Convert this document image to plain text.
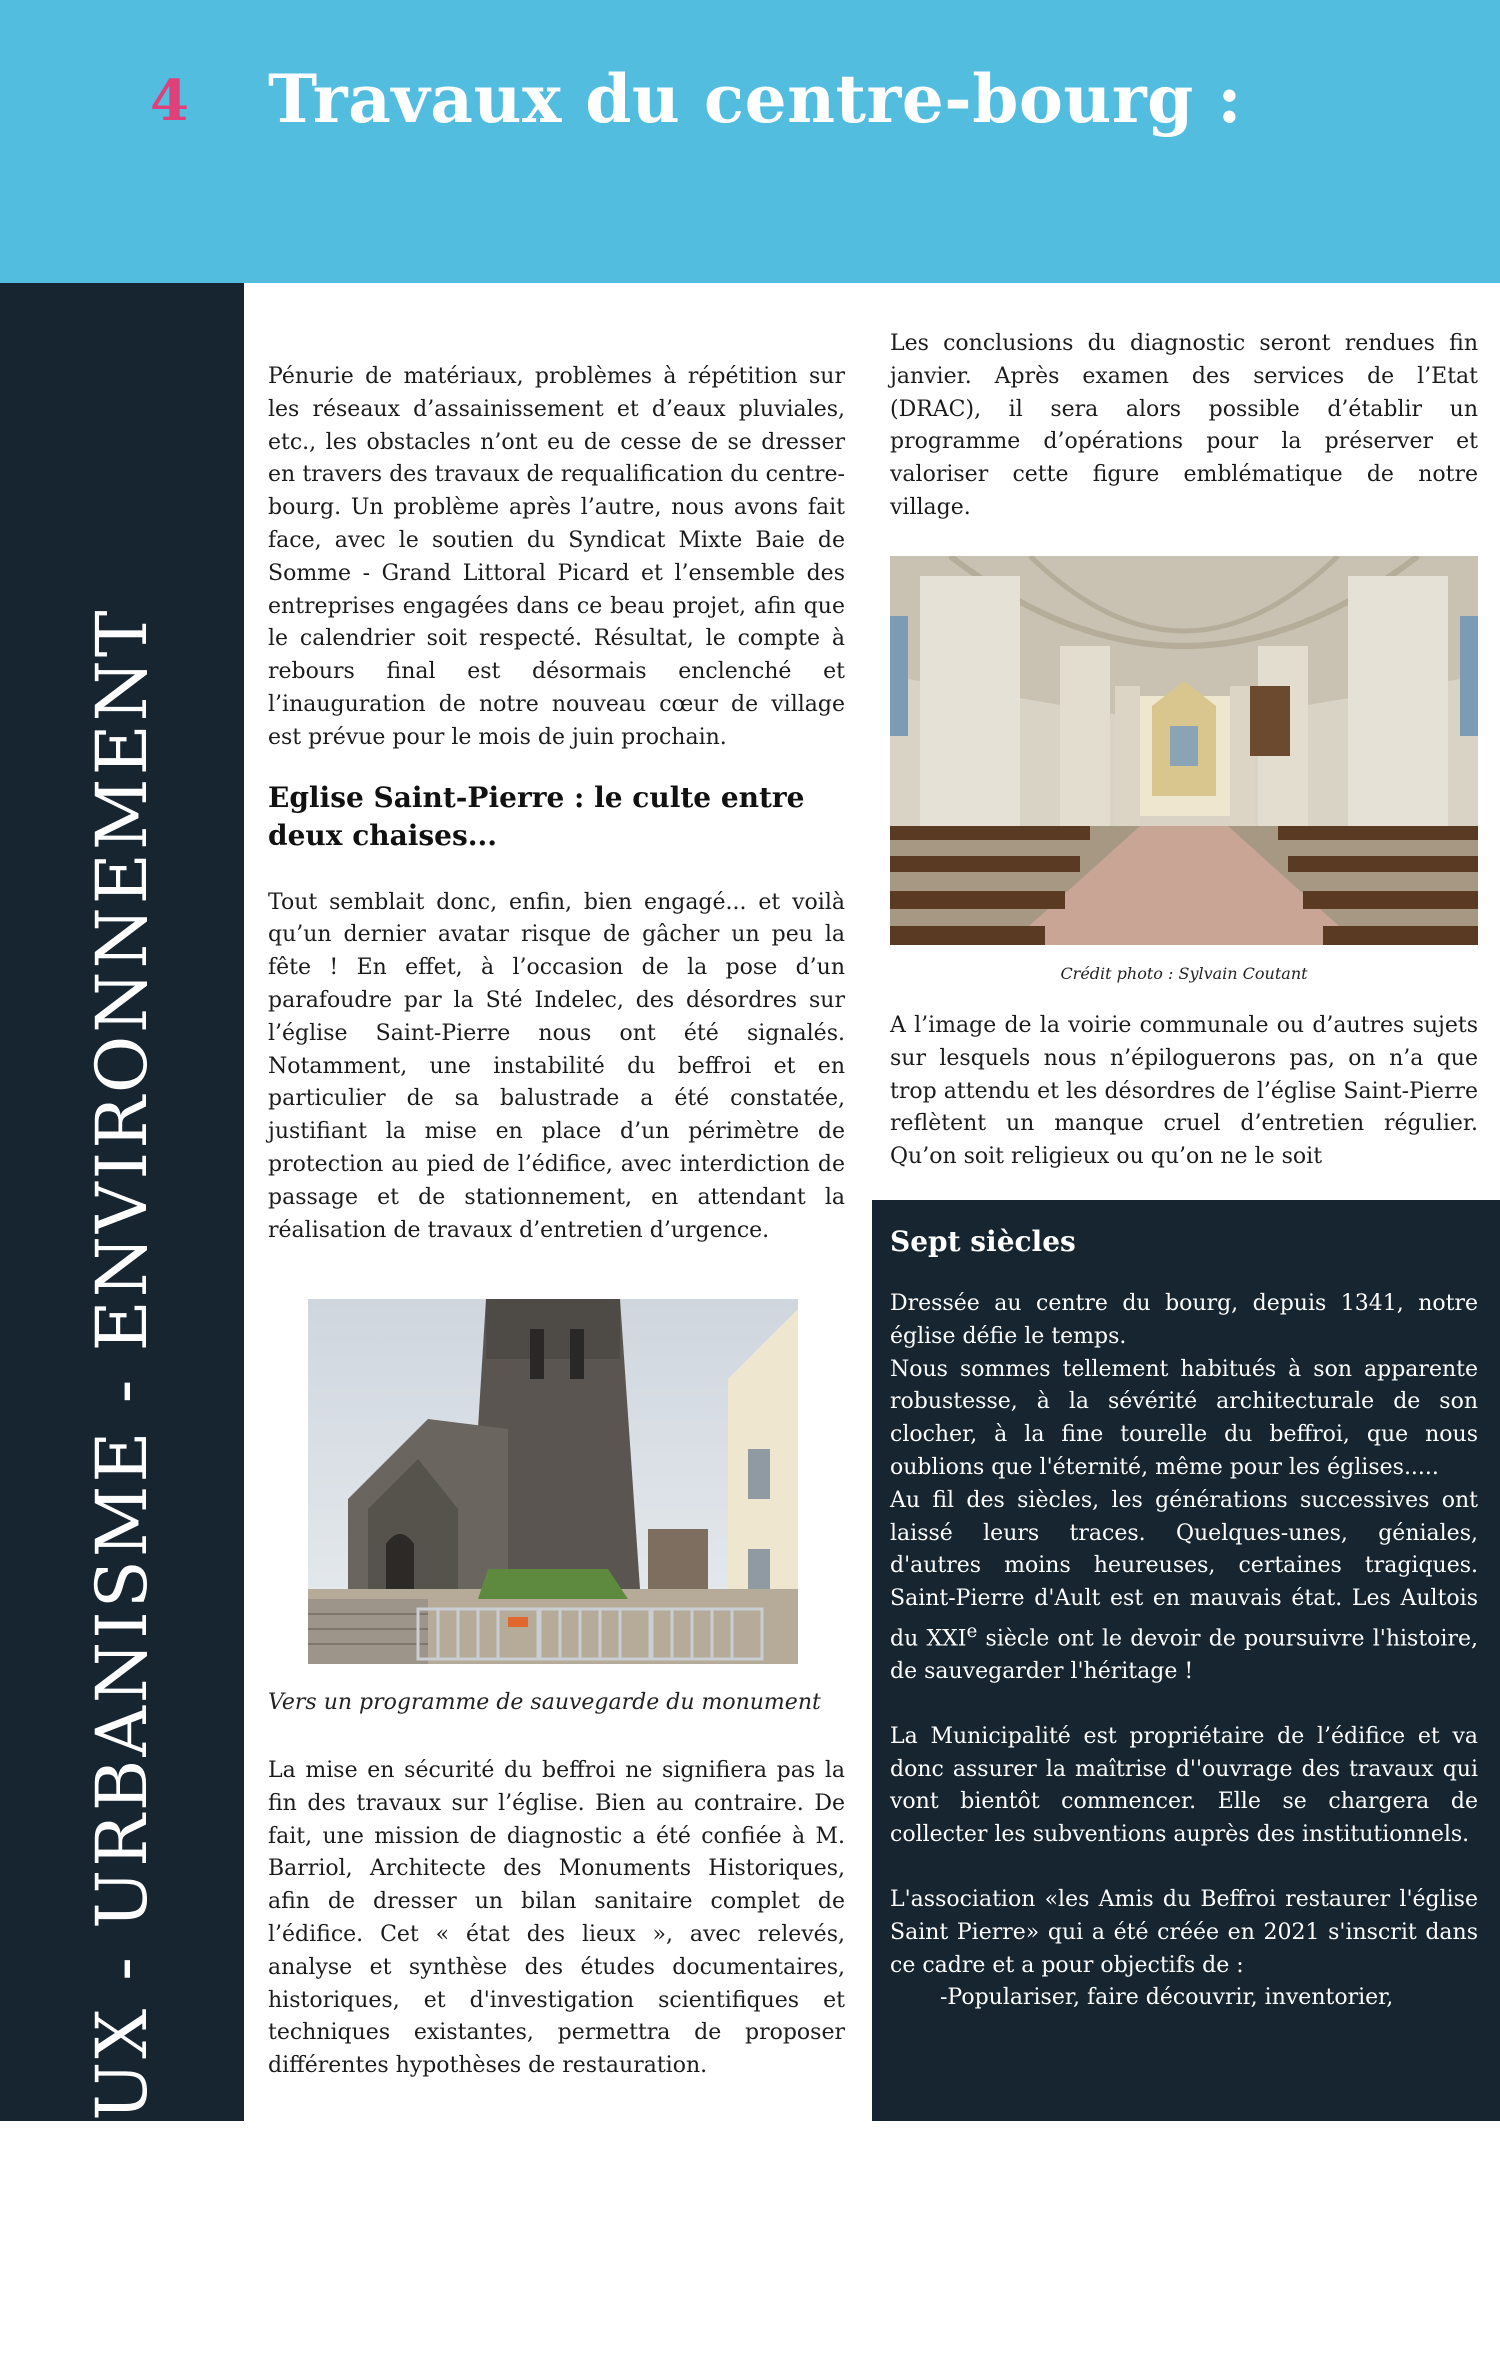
4 Travaux du centre-bourg :
TRAVAUX - URBANISME - ENVIRONNEMENT

Pénurie de matériaux, problèmes à répétition sur les réseaux d’assainissement et d’eaux pluviales, etc., les obstacles n’ont eu de cesse de se dresser en travers des travaux de requalification du centre-bourg. Un problème après l’autre, nous avons fait face, avec le soutien du Syndicat Mixte Baie de Somme - Grand Littoral Picard et l’ensemble des entreprises engagées dans ce beau projet, afin que le calendrier soit respecté. Résultat, le compte à rebours final est désormais enclenché et l’inauguration de notre nouveau cœur de village est prévue pour le mois de juin prochain.

Eglise Saint-Pierre : le culte entre deux chaises...

Tout semblait donc, enfin, bien engagé... et voilà qu’un dernier avatar risque de gâcher un peu la fête ! En effet, à l’occasion de la pose d’un parafoudre par la Sté Indelec, des désordres sur l’église Saint-Pierre nous ont été signalés. Notamment, une instabilité du beffroi et en particulier de sa balustrade a été constatée, justifiant la mise en place d’un périmètre de protection au pied de l’édifice, avec interdiction de passage et de stationnement, en attendant la réalisation de travaux d’entretien d’urgence.

Vers un programme de sauvegarde du monument

La mise en sécurité du beffroi ne signifiera pas la fin des travaux sur l’église. Bien au contraire. De fait, une mission de diagnostic a été confiée à M. Barriol, Architecte des Monuments Historiques, afin de dresser un bilan sanitaire complet de l’édifice. Cet « état des lieux », avec relevés, analyse et synthèse des études documentaires, historiques, et d'investigation scientifiques et techniques existantes, permettra de proposer différentes hypothèses de restauration.

Les conclusions du diagnostic seront rendues fin janvier. Après examen des services de l’Etat (DRAC), il sera alors possible d’établir un programme d’opérations pour la préserver et valoriser cette figure emblématique de notre village.

Crédit photo : Sylvain Coutant

A l’image de la voirie communale ou d’autres sujets sur lesquels nous n’épiloguerons pas, on n’a que trop attendu et les désordres de l’église Saint-Pierre reflètent un manque cruel d’entretien régulier. Qu’on soit religieux ou qu’on ne le soit

Sept siècles

Dressée au centre du bourg, depuis 1341, notre église défie le temps.

Nous sommes tellement habitués à son apparente robustesse, à la sévérité architecturale de son clocher, à la fine tourelle du beffroi, que nous oublions que l'éternité, même pour les églises.....

Au fil des siècles, les générations successives ont laissé leurs traces. Quelques-unes, géniales, d'autres moins heureuses, certaines tragiques. Saint-Pierre d'Ault est en mauvais état. Les Aultois du XXIe siècle ont le devoir de poursuivre l'histoire, de sauvegarder l'héritage !

La Municipalité est propriétaire de l’édifice et va donc assurer la maîtrise d''ouvrage des travaux qui vont bientôt commencer. Elle se chargera de collecter les subventions auprès des institutionnels.

L'association «les Amis du Beffroi restaurer l'église Saint Pierre» qui a été créée en 2021 s'inscrit dans ce cadre et a pour objectifs de :

-Populariser, faire découvrir, inventorier,
